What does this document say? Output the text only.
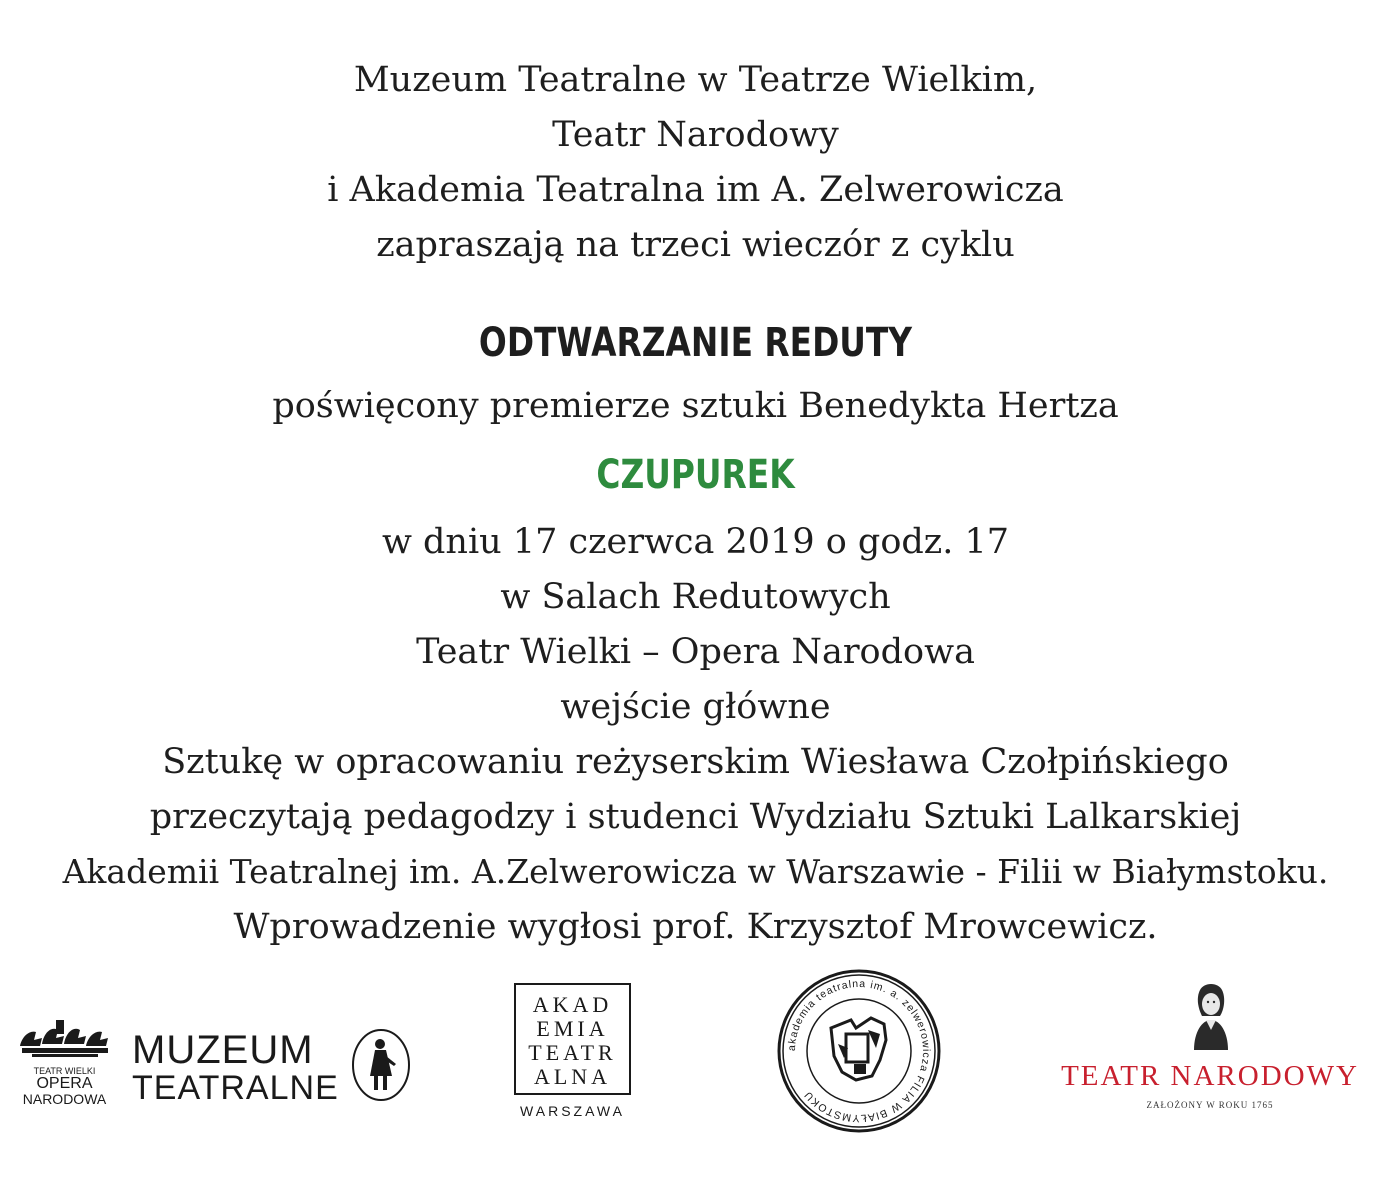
Muzeum Teatralne w Teatrze Wielkim,
Teatr Narodowy
i Akademia Teatralna im A. Zelwerowicza
zapraszają na trzeci wieczór z cyklu
ODTWARZANIE REDUTY
poświęcony premierze sztuki Benedykta Hertza
CZUPUREK
w dniu 17 czerwca 2019 o godz. 17
w Salach Redutowych
Teatr Wielki – Opera Narodowa
wejście główne
Sztukę w opracowaniu reżyserskim Wiesława Czołpińskiego
przeczytają pedagodzy i studenci Wydziału Sztuki Lalkarskiej
Akademii Teatralnej im. A.Zelwerowicza w Warszawie - Filii w Białymstoku.
Wprowadzenie wygłosi prof. Krzysztof Mrowcewicz.
TEATR WIELKI
OPERA
NARODOWA
MUZEUM
TEATRALNE
AKAD
EMIA
TEATR
ALNA
WARSZAWA
akademia teatralna im. a. zelwerowicza FILIA W BIAŁYMSTOKU
TEATR NARODOWY
ZAŁOŻONY W ROKU 1765
